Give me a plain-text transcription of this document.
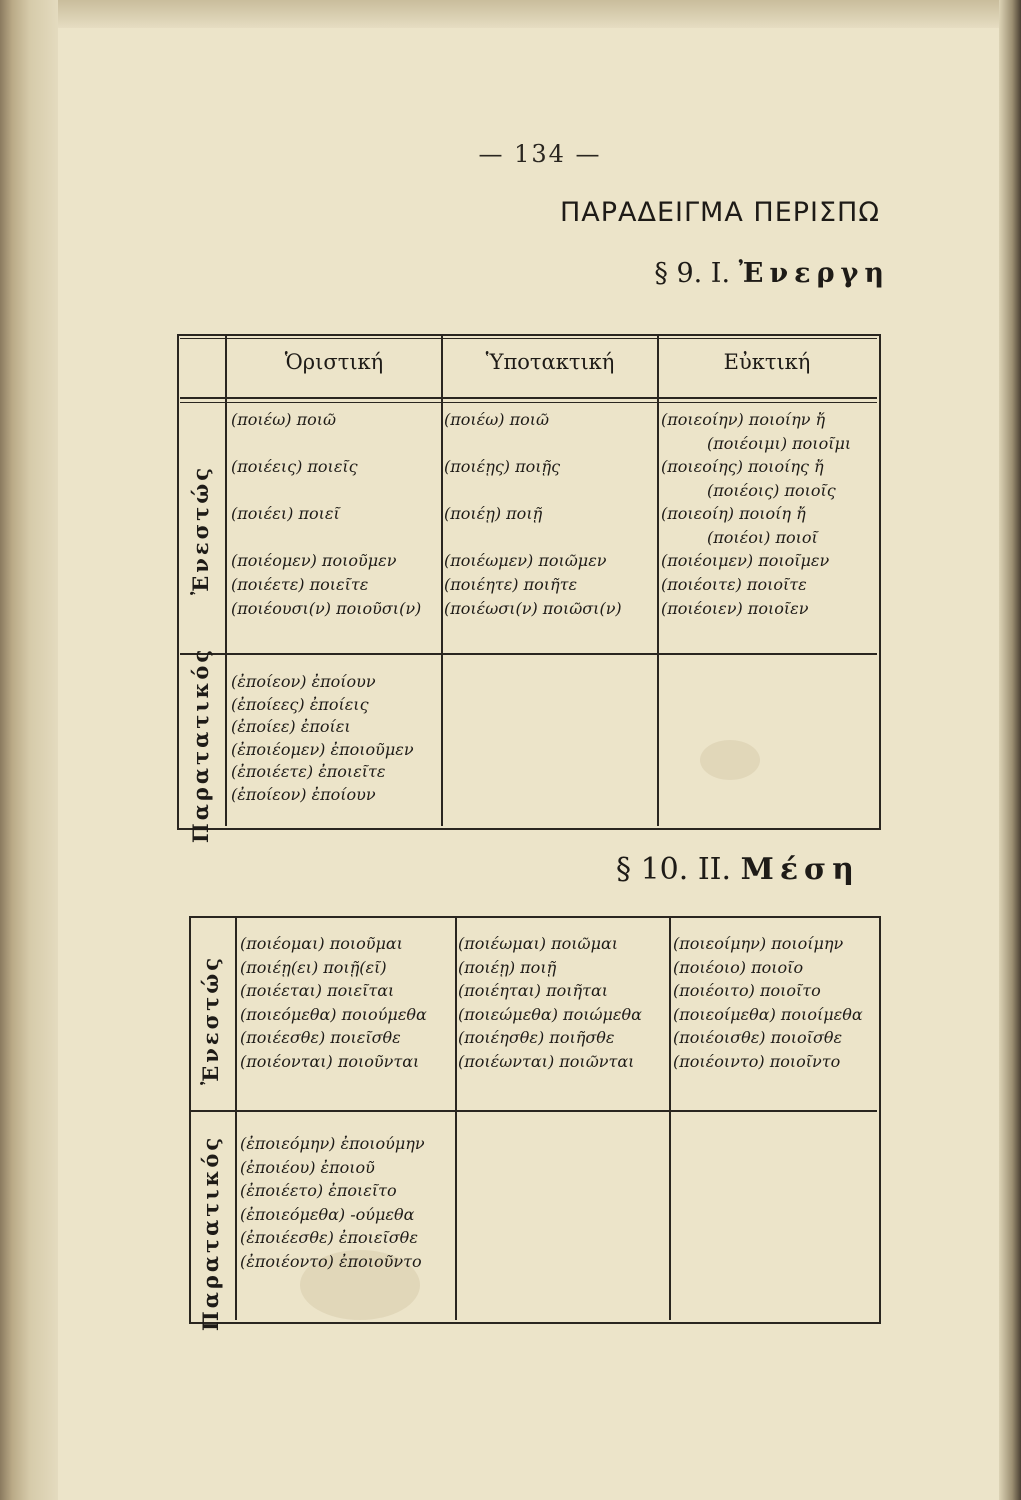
— 134 —
ΠΑΡΑΔΕΙΓΜΑ ΠΕΡΙΣΠΩ
§ 9. I. Ἐνεργη
Ὁριστική	Ὑποτακτική	Εὐκτική
Ἐνεστώς
Παρατατικός
(ποιέω) ποιῶ
(ποιέεις) ποιεῖς
(ποιέει) ποιεῖ
(ποιέομεν) ποιοῦμεν
(ποιέετε) ποιεῖτε
(ποιέουσι(ν) ποιοῦσι(ν)
(ποιέω) ποιῶ
(ποιέῃς) ποιῇς
(ποιέῃ) ποιῇ
(ποιέωμεν) ποιῶμεν
(ποιέητε) ποιῆτε
(ποιέωσι(ν) ποιῶσι(ν)
(ποιεοίην) ποιοίην ἤ
(ποιέοιμι) ποιοῖμι
(ποιεοίης) ποιοίης ἤ
(ποιέοις) ποιοῖς
(ποιεοίη) ποιοίη ἤ
(ποιέοι) ποιοῖ
(ποιέοιμεν) ποιοῖμεν
(ποιέοιτε) ποιοῖτε
(ποιέοιεν) ποιοῖεν
(ἐποίεον) ἐποίουν
(ἐποίεες) ἐποίεις
(ἐποίεε) ἐποίει
(ἐποιέομεν) ἐποιοῦμεν
(ἐποιέετε) ἐποιεῖτε
(ἐποίεον) ἐποίουν
§ 10. II. Μέση
Ἐνεστώς
Παρατατικός
(ποιέομαι) ποιοῦμαι
(ποιέῃ(ει) ποιῇ(εῖ)
(ποιέεται) ποιεῖται
(ποιεόμεθα) ποιούμεθα
(ποιέεσθε) ποιεῖσθε
(ποιέονται) ποιοῦνται
(ποιέωμαι) ποιῶμαι
(ποιέῃ) ποιῇ
(ποιέηται) ποιῆται
(ποιεώμεθα) ποιώμεθα
(ποιέησθε) ποιῆσθε
(ποιέωνται) ποιῶνται
(ποιεοίμην) ποιοίμην
(ποιέοιο) ποιοῖο
(ποιέοιτο) ποιοῖτο
(ποιεοίμεθα) ποιοίμεθα
(ποιέοισθε) ποιοῖσθε
(ποιέοιντο) ποιοῖντο
(ἐποιεόμην) ἐποιούμην
(ἐποιέου) ἐποιοῦ
(ἐποιέετο) ἐποιεῖτο
(ἐποιεόμεθα) -ούμεθα
(ἐποιέεσθε) ἐποιεῖσθε
(ἐποιέοντο) ἐποιοῦντο
